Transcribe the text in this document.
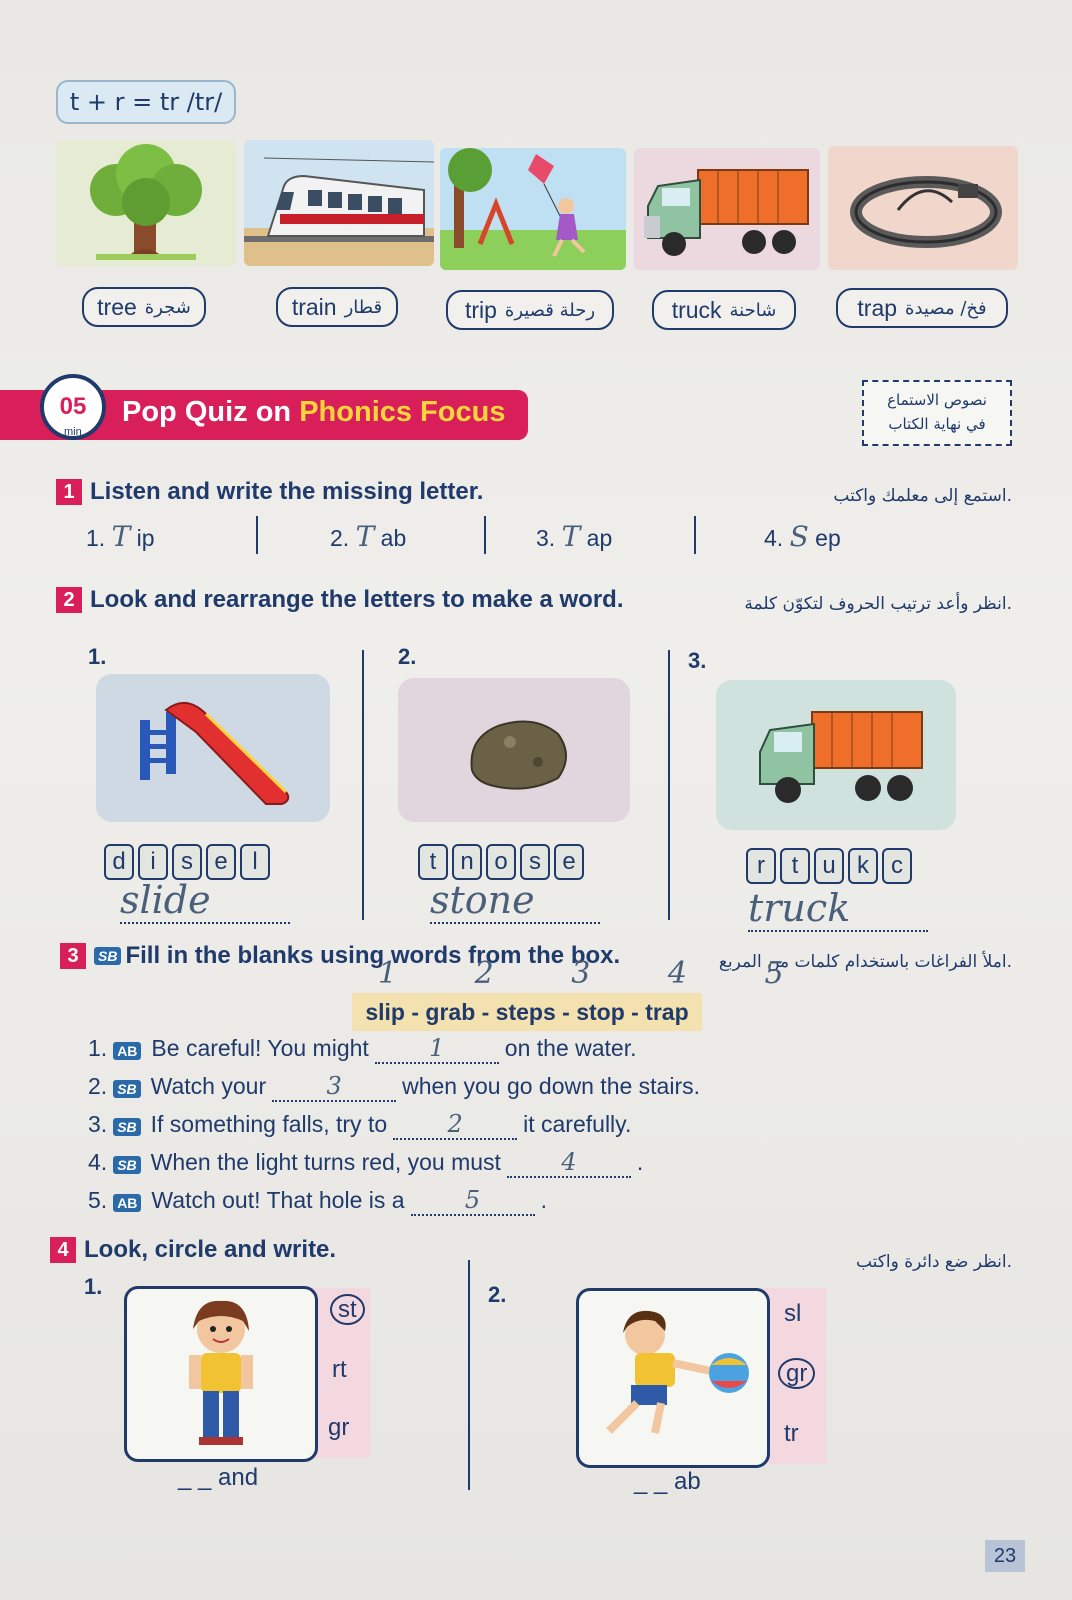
t + r = tr /tr/
tree شجرة	train قطار	trip رحلة قصيرة	truck شاحنة	trap فخ/ مصيدة
05
min
Pop Quiz on Phonics Focus	نصوص الاستماع
في نهاية الكتاب
1 Listen and write the missing letter.	استمع إلى معلمك واكتب.
1. T ip	2. T ab	3. T ap	4. S ep
2 Look and rearrange the letters to make a word.	انظر وأعد ترتيب الحروف لتكوّن كلمة.
1.	2.	3.
d	i	s e	l	t n o s e	r	t u k c
slide	stone	truck
3	SB Fill in the blanks using words from the box.	املأ الفراغات باستخدام كلمات من المربع.
1 2 3 4 5
slip - grab - steps - stop - trap
1. AB Be careful! You might	1	on the water.
2. SB Watch your	3	when you go down the stairs.
3. SB If something falls, try to	2	it carefully.
4. SB When the light turns red, you must	4	.
5. AB Watch out! That hole is a	5	.
4 Look, circle and write.	انظر ضع دائرة واكتب.
1.	2.
st
rt
gr
_ _ and
sl
gr
tr
_ _ ab
23
